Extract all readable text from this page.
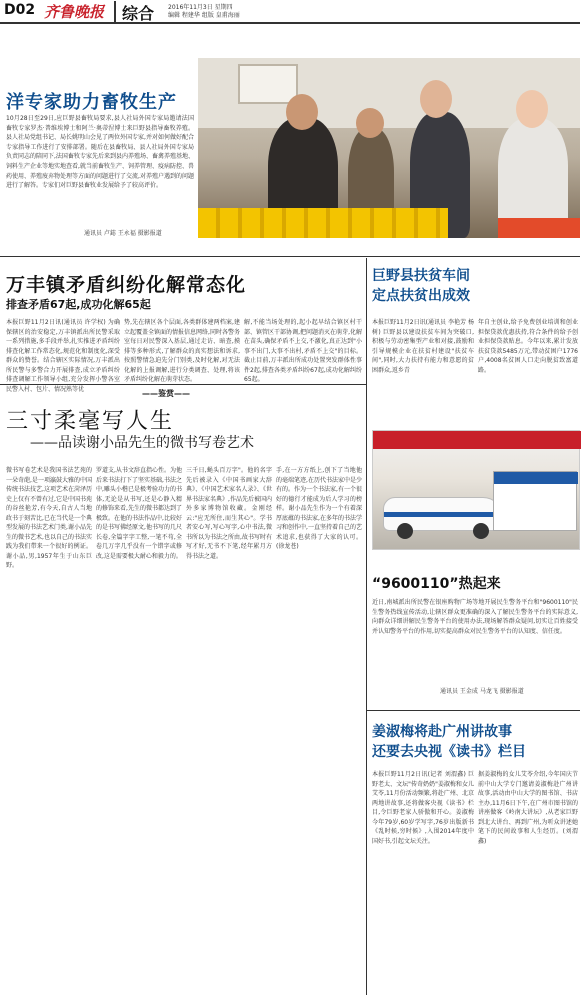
D02 齐鲁晚报	综合 2016年11月3日 星期四
编辑 程建华 组版 皇甫海丽
洋专家助力畜牧生产
10月28日至29日,应巨野县畜牧局要求,县人社局外国专家局邀请法国畜牧专家罗杰·普维埃博士和阿兰·奥蒂涅博士来巨野县指导畜牧养殖。县人社局党组书记、局长姚明山会见了两位外国专家,并对如何做好配合专家指导工作进行了安排部署。随后在县畜牧局、县人社局外国专家局负责同志的陪同下,法国畜牧专家先后来到县内养殖场、畜禽养殖基地、饲料生产企业等地实地查看,就当前畜牧生产、饲养管理、疫病防控、兽药使用、养殖废弃物处理等方面的问题进行了交流,对养殖户遇到的问题进行了解答。专家们对巨野县畜牧业发展给予了较高评价。
通讯员 卢鋕 王永福 摄影报道
万丰镇矛盾纠纷化解常态化
排查矛盾67起,成功化解65起
本报巨野11月2日讯(通讯员 许学权) 为确保辖区的治安稳定,万丰镇派出所民警采取一系列措施,多手段并举,扎实推进矛盾纠纷排查化解工作常态化,规范化和制度化,深受群众的赞誉。结合辖区实际情况,万丰派出所民警与多警合力开展排查,成立矛盾纠纷排查调解工作领导小组,充分发挥小警各室民警入村、包片、情况熟等优
势,先在辖区各个层面,各类群体建两档案,建立起覆盖全镇面的情报信息网络,同时各警务室每日对民警深入基层,通过走访、暗查,摸排等多种形式,了解群众的真实想法和诉求,按照警情急迫先分门别类,及时化解,对无法化解的上报调解,进行分类调查、处理,将该矛盾纠纷化解在萌芽状态。
解,不能当场处理的,起小起早结合镇区村干部、镇管区干部协调,把问题消灭在萌芽,化解在苗头,确保矛盾不上交,不激化,真正达到"小事不出门,大事不出村,矛盾不上交"的目标。截止目前,万丰派出所成功处置突发群体性事件2起,排查各类矛盾纠纷67起,成功化解纠纷65起。
巨野县扶贫车间
定点扶贫出成效
本报巨野11月2日讯(通讯员 李艳芳 杨树) 巨野县以建设扶贫车间为突破口,积极与劳动密集型产业和对接,鼓励和引导规模企业在扶贫村建设"扶贫车间",同时,大力扶持有能力和意愿的贫困群众,返乡青
年自主创业,给予免费创业培训和创业担保贷款优惠扶持,符合条件的给予创业担保贷款贴息。今年以来,累计发放扶贫贷款5485万元,带动贫困户1776户,4008名贫困人口走向脱贫致富道路。
“9600110”热起来
近日,南城派出所民警在银座购物广场等地开展民生警务平台和"9600110"民生警务热线宣传活动,让辖区群众更准确的深入了解民生警务平台的实际意义,向群众详细讲解民生警务平台的使用办法,现场解答群众疑问,切实让百姓接受并认知警务平台的作用,切实提高群众对民生警务平台的认知度、信任度。
通讯员 王金成 马龙飞 摄影报道
姜淑梅将赴广州讲故事
还要去央视《读书》栏目
本报巨野11月2日讯(记者 刘渭鑫) 巨野老太、文坛"传奇奶奶"姜淑梅和女儿艾苓,11月份活动频繁,将赴广州、北京两地讲故事,还将做客央视《读书》栏目,令巨野老家人骄傲和开心。姜淑梅今年79岁,60岁学写字,76岁出版新书《乱时候,穷时候》,入围2014年度中国好书,引起文坛关注。
据姜淑梅的女儿艾苓介绍,今年国庆节前中山大学专门邀请姜淑梅赴广州讲故事,活动由中山大学的图书馆、书店主办,11月6日下午,在广州市图书馆的讲座做客《岭南大讲坛》,从老家巨野到北大讲台、再到广州,为听众讲述她笔下的民间故事和人生经历。(刘渭鑫)
——鉴赏——
三寸柔毫写人生
——品读谢小品先生的微书写卷艺术
微书写卷艺术是我国书法艺苑的一朵奇葩,是一项瀛鼓大雅的中国传统书法技艺,这项艺术在菏泽历史上仅有不曾有过,它是中国书苑的谷丝艳芳,有今天,自古人当地政书于刻苦比,已在当代是一个典型发展的书法艺术门类,谢小品先生的微书艺术,也以自己的书法实践为我们带来一个很好的例证。谢小品,男,1957年生于山东巨野。
罗道支,从书文辞直指心性。为他后来书法打下了坚实基础,书法之中,雕头小楷已是极考验功力的书体,无论是从书写,还是心静入精的修饰来看,先生的微书都达到了极致。在他的书法作品中,比较好的是书写佛经原文,他书写的几尺长卷,全篇字字工整,一笔不苟,全卷几万字几乎没有一个错字或修改,这是需要极大耐心和毅力的。
三千日,蝇头百万字"。他的名字先后被录入《中国书画家大辞典》、《中国艺术家名人录》、《世界书法家名典》,作品先后被国内外多家博物馆收藏。金刚经云:"应无所住,而生其心"。学书者安心写,写心写字,心中书法,微书所以为书法之所由,故书写时有写才好,无书不下笔,经年累月方得书法之道。
手,在一方方纸上,创下了当地他的毫端笔迹,在历代书法家中是少有的。作为一个书法家,有一个很好的德行才能成为后人学习的榜样。谢小品先生作为一个有着深厚底蕴的书法家,在多年的书法学习和创作中,一直坚持着自己的艺术追求,也获得了大家的认可。(徐龙苍)
